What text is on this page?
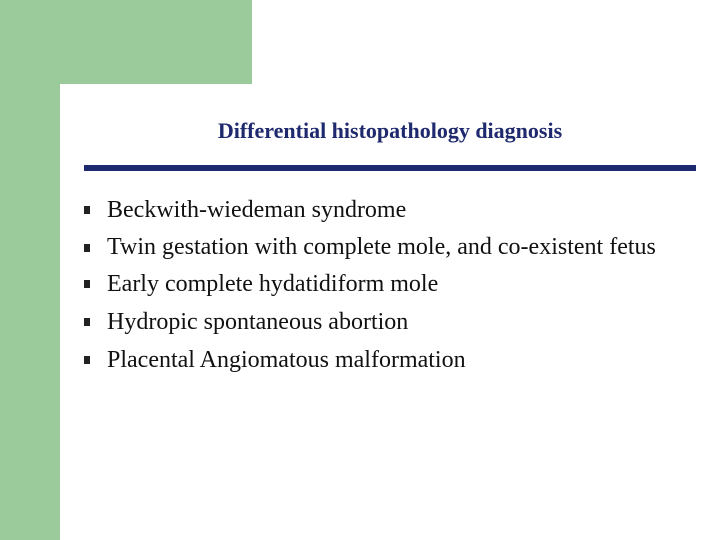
Differential histopathology diagnosis
Beckwith-wiedeman syndrome
Twin gestation with complete mole, and co-existent fetus
Early complete hydatidiform mole
Hydropic spontaneous abortion
Placental Angiomatous malformation
